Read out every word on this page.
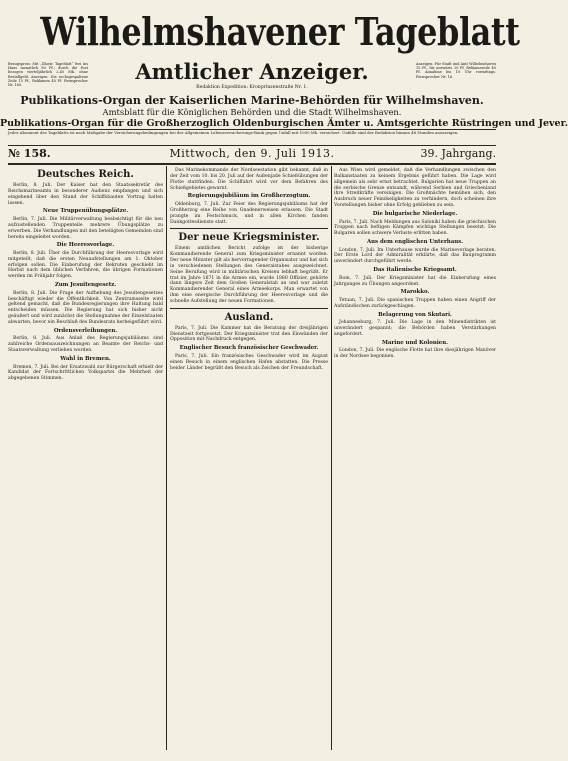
Wilhelmshavener Tageblatt
Amtlicher Anzeiger.
Redaktion Expedition: Kronprinzenstraße Nr. 1.
Bezugspreis: Mit „Illustr. Tageblatt“ frei ins Haus monatlich 80 Pf.; durch die Post bezogen vierteljährlich 2,40 Mk. ohne Bestellgeld. Anzeigen: Die sechsgespaltene Zeile 15 Pf., Reklamen 40 Pf. Fernsprecher Nr. 160.
Anzeigen: Für Stadt und Amt Wilhelmshaven 15 Pf., für auswärts 20 Pf. Reklamezeile 40 Pf. Annahme bis 10 Uhr vormittags. Fernsprecher Nr. 16.
Publikations-Organ der Kaiserlichen Marine-Behörden für Wilhelmshaven.
Amtsblatt für die Königlichen Behörden und die Stadt Wilhelmshaven.
Publikations-Organ für die Großherzoglich Oldenburgischen Ämter u. Amtsgerichte Rüstringen und Jever.
Jeder Abonnent des Tageblatts ist nach Maßgabe der Versicherungsbedingungen bei der Allgemeinen Lebensversicherungs-Bank gegen Unfall mit 1000 Mk. versichert. Unfälle sind der Redaktion binnen 48 Stunden anzuzeigen.
№ 158.	Mittwoch, den 9. Juli 1913.	39. Jahrgang.
Deutsches Reich.

Berlin, 8. Juli. Der Kaiser hat den Staatssekretär des Reichsmarineamts in besonderer Audienz empfangen und sich eingehend über den Stand der Schiffsbauten Vortrag halten lassen.

Neue Truppenübungsplätze.

Berlin, 7. Juli. Die Militärverwaltung beabsichtigt für die neu aufzustellenden Truppenteile mehrere Übungsplätze zu erwerben. Die Verhandlungen mit den beteiligten Gemeinden sind bereits eingeleitet worden.

Die Heeresvorlage.

Berlin, 8. Juli. Über die Durchführung der Heeresvorlage wird mitgeteilt, daß die ersten Neuaufstellungen am 1. Oktober erfolgen sollen. Die Einberufung der Rekruten geschieht im Herbst nach dem üblichen Verfahren, die übrigen Formationen werden im Frühjahr folgen.

Zum Jesuitengesetz.

Berlin, 8. Juli. Die Frage der Aufhebung des Jesuitengesetzes beschäftigt wieder die Öffentlichkeit. Von Zentrumsseite wird geltend gemacht, daß die Bundesregierungen ihre Haltung bald entscheiden müssen. Die Regierung hat sich bisher nicht geäußert und wird zunächst die Stellungnahme der Einzelstaaten abwarten, bevor ein Beschluß des Bundesrats herbeigeführt wird.

Ordensverleihungen.

Berlin, 8. Juli. Aus Anlaß des Regierungsjubiläums sind zahlreiche Ordensauszeichnungen an Beamte der Reichs- und Staatsverwaltung verliehen worden.

Wahl in Bremen.

Bremen, 7. Juli. Bei der Ersatzwahl zur Bürgerschaft erhielt der Kandidat der Fortschrittlichen Volkspartei die Mehrheit der abgegebenen Stimmen.

Das Marinekommando der Nordseestation gibt bekannt, daß in der Zeit vom 10. bis 20. Juli auf der Außenjade Schießübungen der Flotte stattfinden. Die Schiffahrt wird vor dem Befahren des Schießgebietes gewarnt.

Regierungsjubiläum im Großherzogtum.

Oldenburg, 7. Juli. Zur Feier des Regierungsjubiläums hat der Großherzog eine Reihe von Gnadenerweisen erlassen. Die Stadt prangte im Festschmuck, und in allen Kirchen fanden Dankgottesdienste statt.

Der neue Kriegsminister.

Einem amtlichen Bericht zufolge ist der bisherige Kommandierende General zum Kriegsminister ernannt worden. Der neue Minister gilt als hervorragender Organisator und hat sich in verschiedenen Stellungen des Generalstabes ausgezeichnet. Seine Berufung wird in militärischen Kreisen lebhaft begrüßt. Er trat im Jahre 1871 in die Armee ein, wurde 1880 Offizier, gehörte dann längere Zeit dem Großen Generalstab an und war zuletzt Kommandierender General eines Armeekorps. Man erwartet von ihm eine energische Durchführung der Heeresvorlage und die schnelle Aufstellung der neuen Formationen.

Ausland.

Paris, 7. Juli. Die Kammer hat die Beratung der dreijährigen Dienstzeit fortgesetzt. Der Kriegsminister trat den Einwänden der Opposition mit Nachdruck entgegen.

Englischer Besuch französischer Geschwader.

Paris, 7. Juli. Ein französisches Geschwader wird im August einen Besuch in einem englischen Hafen abstatten. Die Presse beider Länder begrüßt den Besuch als Zeichen der Freundschaft.

Aus Wien wird gemeldet, daß die Verhandlungen zwischen den Balkanstaaten zu keinem Ergebnis geführt haben. Die Lage wird allgemein als sehr ernst betrachtet. Bulgarien hat neue Truppen an die serbische Grenze entsandt, während Serbien und Griechenland ihre Streitkräfte vereinigen. Die Großmächte bemühen sich, den Ausbruch neuer Feindseligkeiten zu verhindern, doch scheinen ihre Vorstellungen bisher ohne Erfolg geblieben zu sein.

Die bulgarische Niederlage.

Paris, 7. Juli. Nach Meldungen aus Saloniki haben die griechischen Truppen nach heftigen Kämpfen wichtige Stellungen besetzt. Die Bulgaren sollen schwere Verluste erlitten haben.

Aus dem englischen Unterhaus.

London, 7. Juli. Im Unterhause wurde die Marinevorlage beraten. Der Erste Lord der Admiralität erklärte, daß das Bauprogramm unverändert durchgeführt werde.

Das italienische Kriegsamt.

Rom, 7. Juli. Der Kriegsminister hat die Einberufung eines Jahrganges zu Übungen angeordnet.

Marokko.

Tetuan, 7. Juli. Die spanischen Truppen haben einen Angriff der Aufständischen zurückgeschlagen.

Belagerung von Skutari.

Johannesburg, 7. Juli. Die Lage in den Minendistrikten ist unverändert gespannt; die Behörden haben Verstärkungen angefordert.

Marine und Kolonien.

London, 7. Juli. Die englische Flotte hat ihre diesjährigen Manöver in der Nordsee begonnen.
